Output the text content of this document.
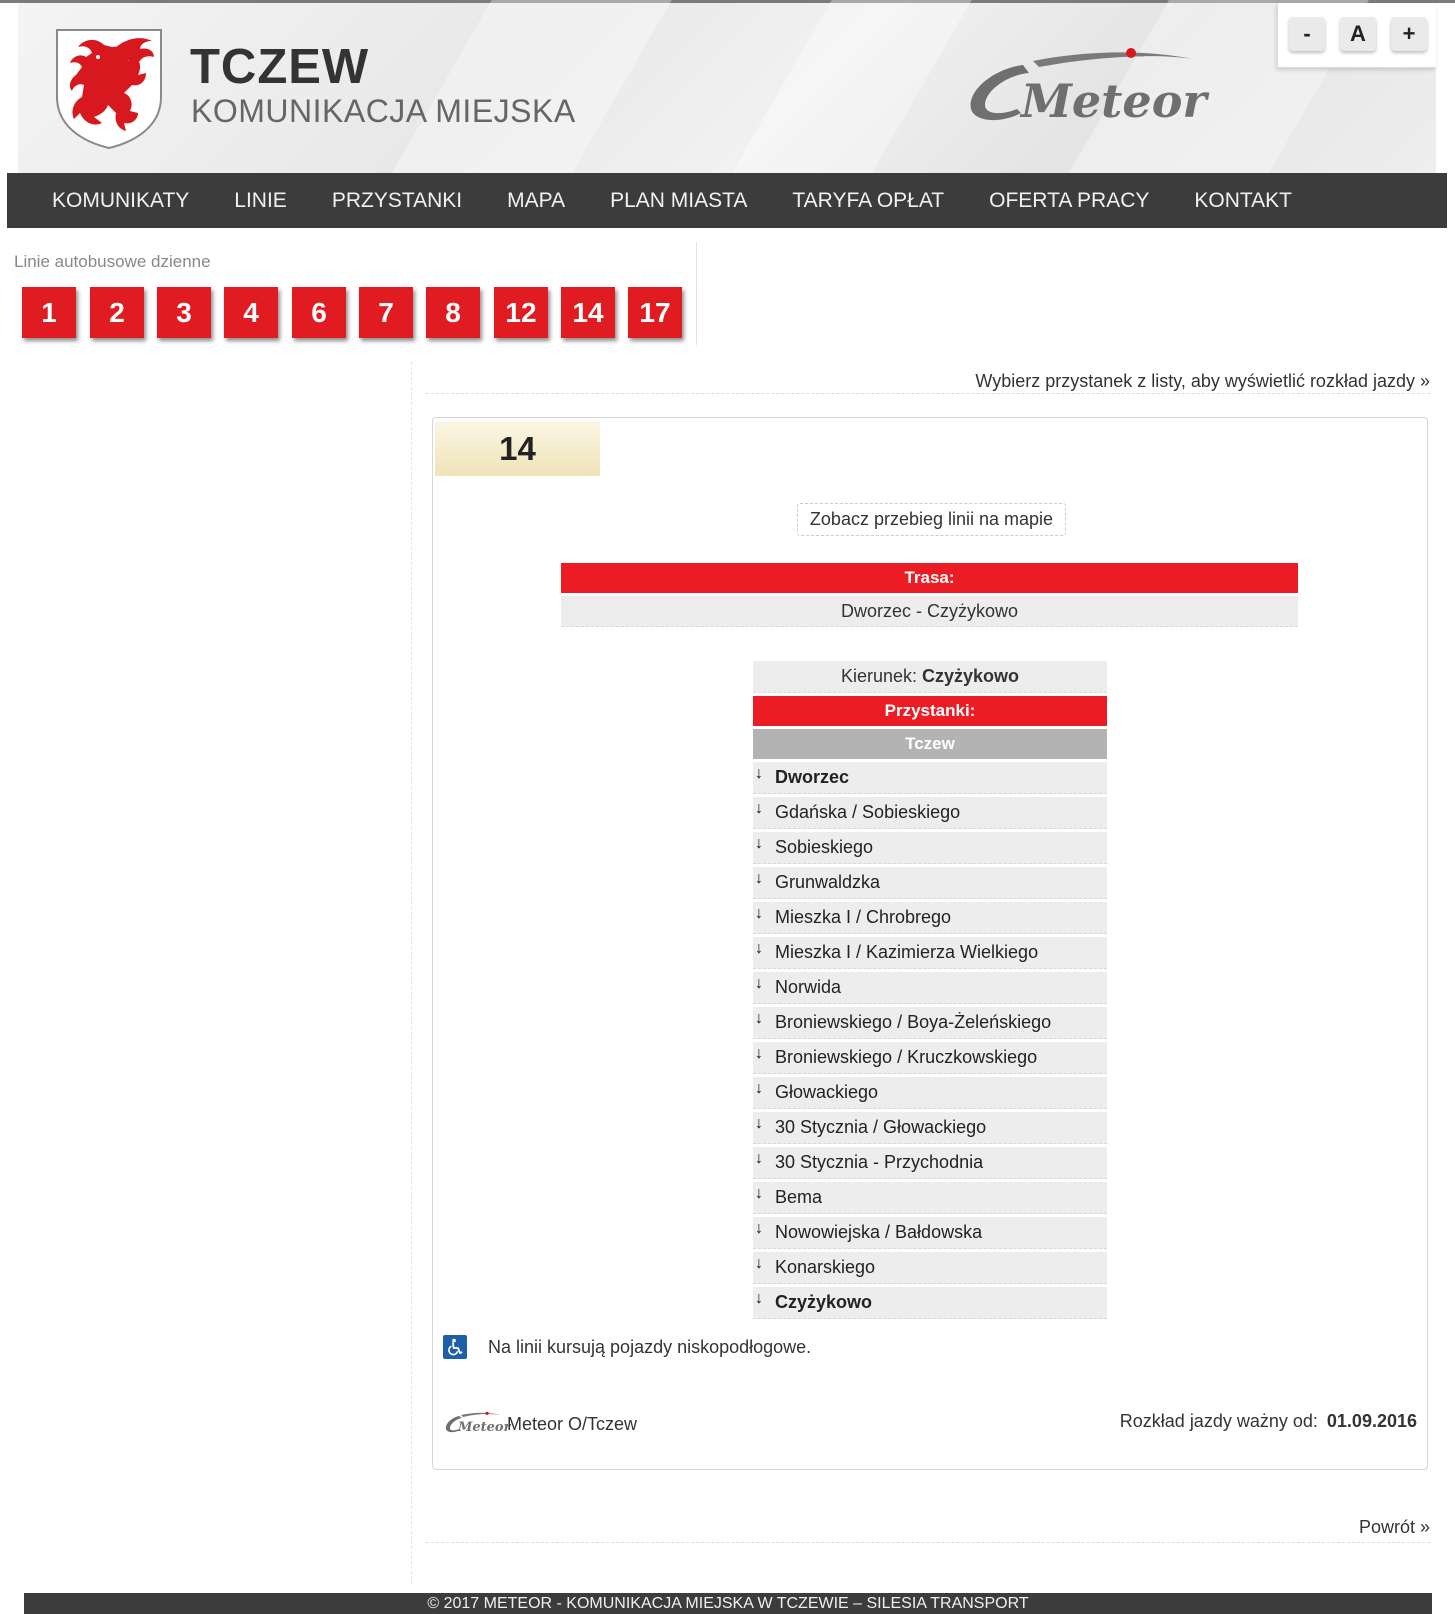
TCZEW
KOMUNIKACJA MIEJSKA	Meteor
-	A	+
KOMUNIKATY LINIE PRZYSTANKI MAPA PLAN MIASTA TARYFA OPŁAT OFERTA PRACY KONTAKT
Linie autobusowe dzienne
1	2	3	4	6	7	8	12	14	17
Wybierz przystanek z listy, aby wyświetlić rozkład jazdy »
14
Zobacz przebieg linii na mapie
Trasa:
Dworzec - Czyżykowo
Kierunek: Czyżykowo
Przystanki:
Tczew
↓ Dworzec
↓ Gdańska / Sobieskiego
↓ Sobieskiego
↓ Grunwaldzka
↓ Mieszka I / Chrobrego
↓ Mieszka I / Kazimierza Wielkiego
↓ Norwida
↓ Broniewskiego / Boya-Żeleńskiego
↓ Broniewskiego / Kruczkowskiego
↓ Głowackiego
↓ 30 Stycznia / Głowackiego
↓ 30 Stycznia - Przychodnia
↓ Bema
↓ Nowowiejska / Bałdowska
↓ Konarskiego
↓ Czyżykowo
Na linii kursują pojazdy niskopodłogowe.
Meteor
Meteor O/Tczew	Rozkład jazdy ważny od: 01.09.2016
Powrót »
© 2017 METEOR - KOMUNIKACJA MIEJSKA W TCZEWIE – SILESIA TRANSPORT
